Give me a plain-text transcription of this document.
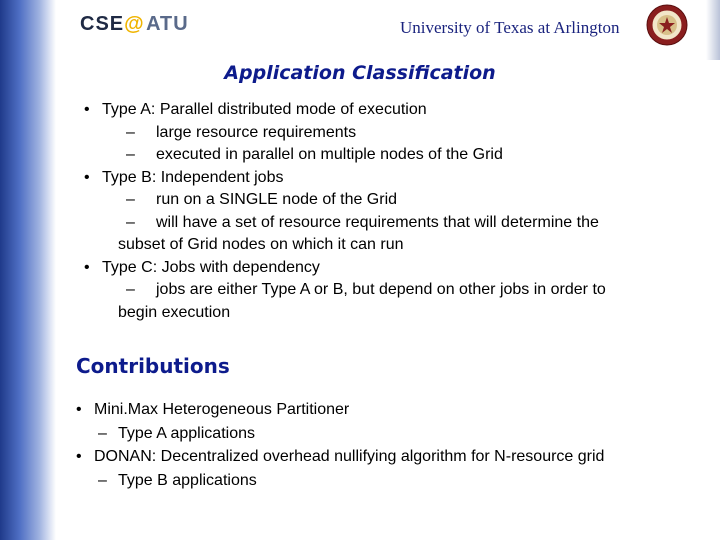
CSE @ UTA	University of Texas at Arlington
Application Classification
• Type A: Parallel distributed mode of execution
– large resource requirements
– executed in parallel on multiple nodes of the Grid
• Type B: Independent jobs
– run on a SINGLE node of the Grid
– will have a set of resource requirements that will determine the
subset of Grid nodes on which it can run
• Type C: Jobs with dependency
– jobs are either Type A or B, but depend on other jobs in order to
begin execution
Contributions
• Mini.Max Heterogeneous Partitioner
– Type A applications
• DONAN: Decentralized overhead nullifying algorithm for N-resource grid
– Type B applications
